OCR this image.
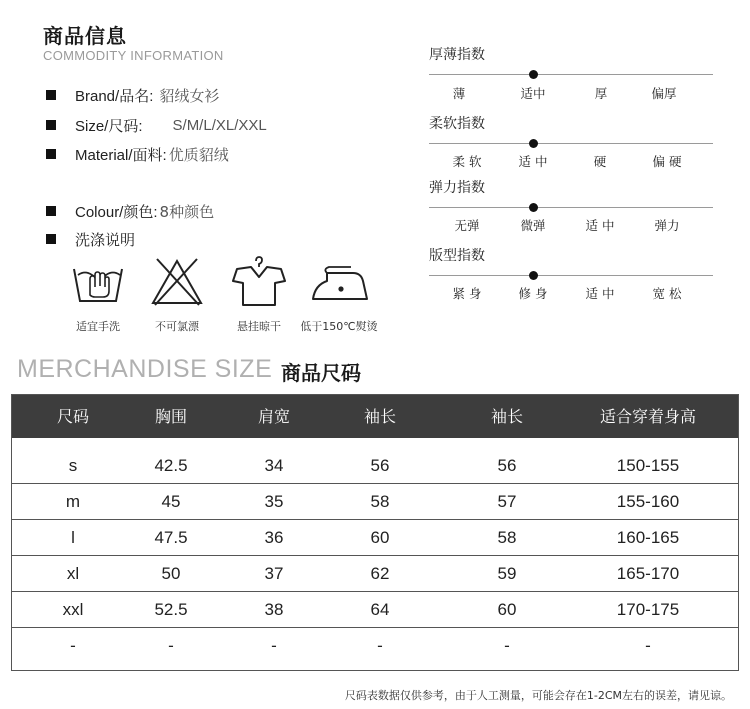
商品信息
COMMODITY INFORMATION
Brand/品名: 貂绒女衫
Size/尺码: S/M/L/XL/XXL
Material/面料: 优质貂绒
Colour/颜色: 8种颜色
洗涤说明
适宜手洗	不可氯漂	悬挂晾干	低于150℃熨烫
厚薄指数
薄	适中	厚	偏厚
柔软指数
柔 软	适 中	硬	偏 硬
弹力指数
无弹	微弹	适 中	弹力
版型指数
紧 身	修 身	适 中	宽 松
MERCHANDISE SIZE 商品尺码
尺码	胸围	肩宽	袖长	袖长	适合穿着身高
s	42.5	34	56	56	150-155
m	45	35	58	57	155-160
l	47.5	36	60	58	160-165
xl	50	37	62	59	165-170
xxl	52.5	38	64	60	170-175
-	-	-	-	-	-
尺码表数据仅供参考，由于人工测量，可能会存在1-2CM左右的误差，请见谅。
